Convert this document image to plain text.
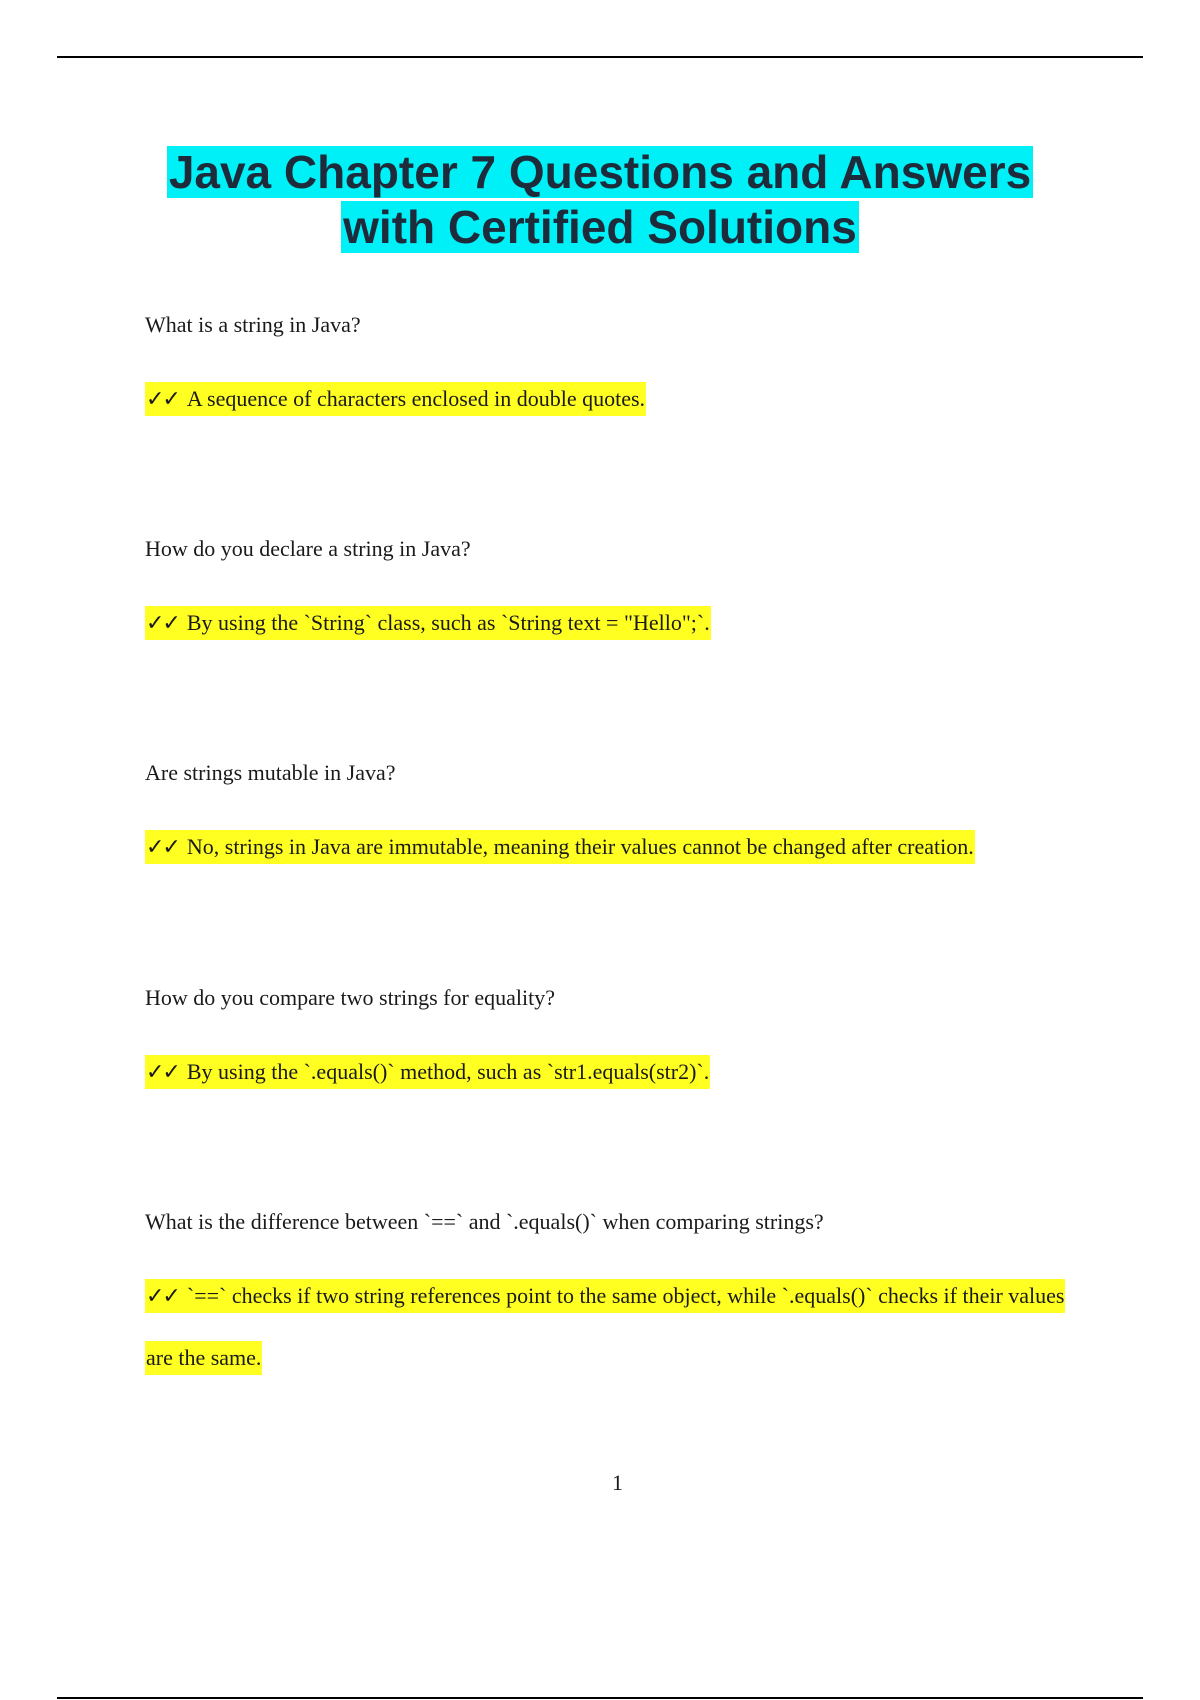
Java Chapter 7 Questions and Answers
with Certified Solutions
What is a string in Java?
✓✓ A sequence of characters enclosed in double quotes.
How do you declare a string in Java?
✓✓ By using the `String` class, such as `String text = "Hello";`.
Are strings mutable in Java?
✓✓ No, strings in Java are immutable, meaning their values cannot be changed after creation.
How do you compare two strings for equality?
✓✓ By using the `.equals()` method, such as `str1.equals(str2)`.
What is the difference between `==` and `.equals()` when comparing strings?
✓✓ `==` checks if two string references point to the same object, while `.equals()` checks if their values are the same.
1
